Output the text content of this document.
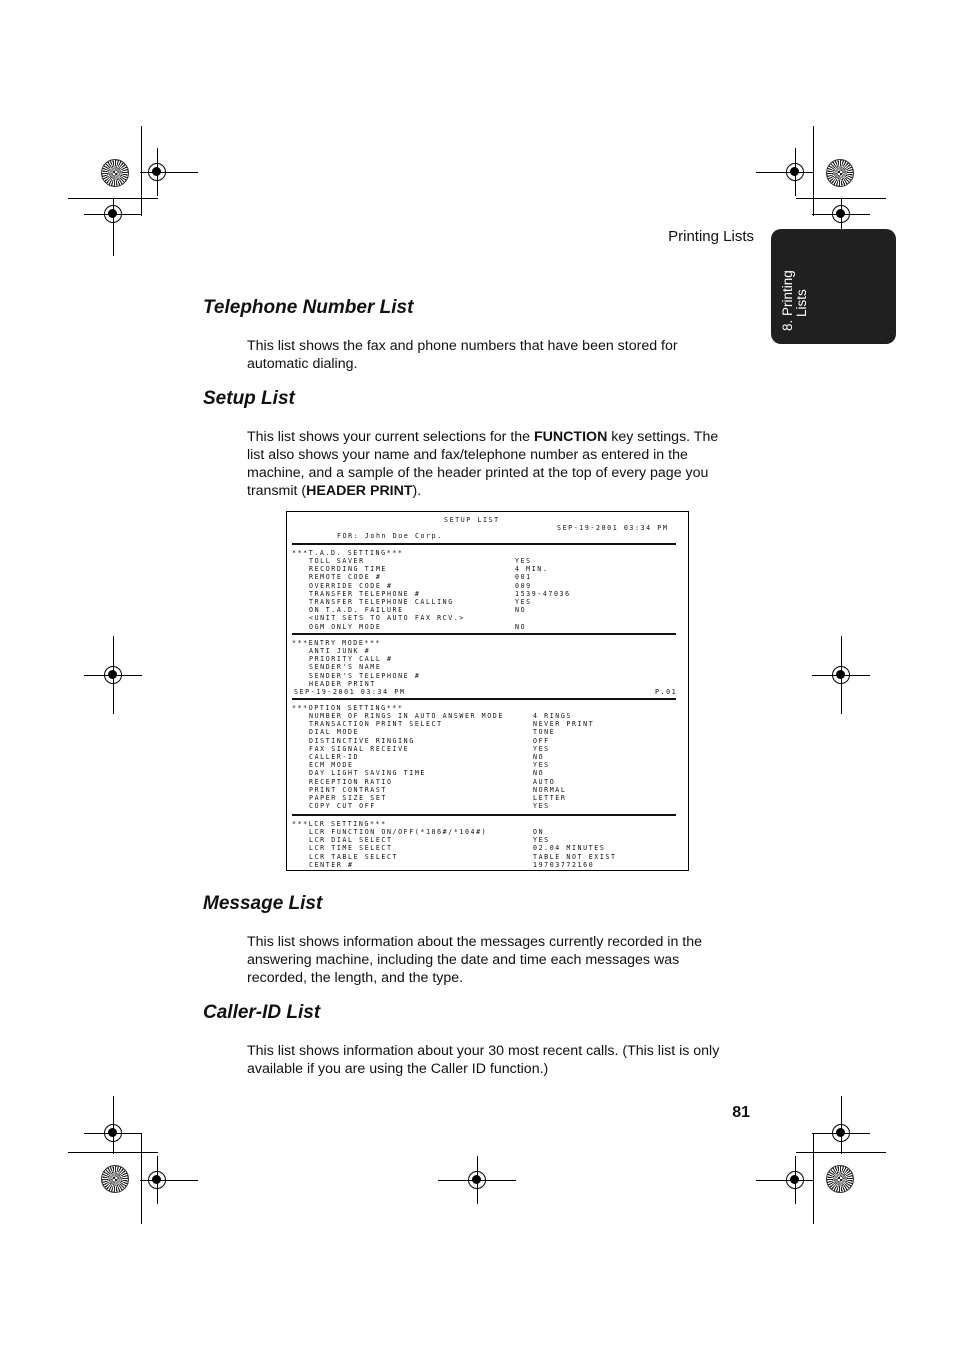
Printing Lists
8. Printing Lists
Telephone Number List

This list shows the fax and phone numbers that have been stored for automatic dialing.

Setup List

This list shows your current selections for the FUNCTION key settings. The list also shows your name and fax/telephone number as entered in the machine, and a sample of the header printed at the top of every page you transmit (HEADER PRINT).

SETUP LIST
SEP-19-2001 03:34 PM
FOR: John Doe Corp.
***T.A.D. SETTING***
TOLL SAVER	YES
RECORDING TIME	4 MIN.
REMOTE CODE #	001
OVERRIDE CODE #	009
TRANSFER TELEPHONE #	1539-47036
TRANSFER TELEPHONE CALLING	YES
ON T.A.D. FAILURE	NO
<UNIT SETS TO AUTO FAX RCV.>
OGM ONLY MODE	NO
***ENTRY MODE***
ANTI JUNK #
PRIORITY CALL #
SENDER'S NAME
SENDER'S TELEPHONE #
HEADER PRINT
SEP-19-2001 03:34 PM	P.01
***OPTION SETTING***
NUMBER OF RINGS IN AUTO ANSWER MODE	4 RINGS
TRANSACTION PRINT SELECT	NEVER PRINT
DIAL MODE	TONE
DISTINCTIVE RINGING	OFF
FAX SIGNAL RECEIVE	YES
CALLER-ID	NO
ECM MODE	YES
DAY LIGHT SAVING TIME	NO
RECEPTION RATIO	AUTO
PRINT CONTRAST	NORMAL
PAPER SIZE SET	LETTER
COPY CUT OFF	YES
***LCR SETTING***
LCR FUNCTION ON/OFF(*106#/*104#)	ON
LCR DIAL SELECT	YES
LCR TIME SELECT	02.04 MINUTES
LCR TABLE SELECT	TABLE NOT EXIST
CENTER #	19703772160
Message List

This list shows information about the messages currently recorded in the answering machine, including the date and time each messages was recorded, the length, and the type.

Caller-ID List

This list shows information about your 30 most recent calls. (This list is only available if you are using the Caller ID function.)

81
